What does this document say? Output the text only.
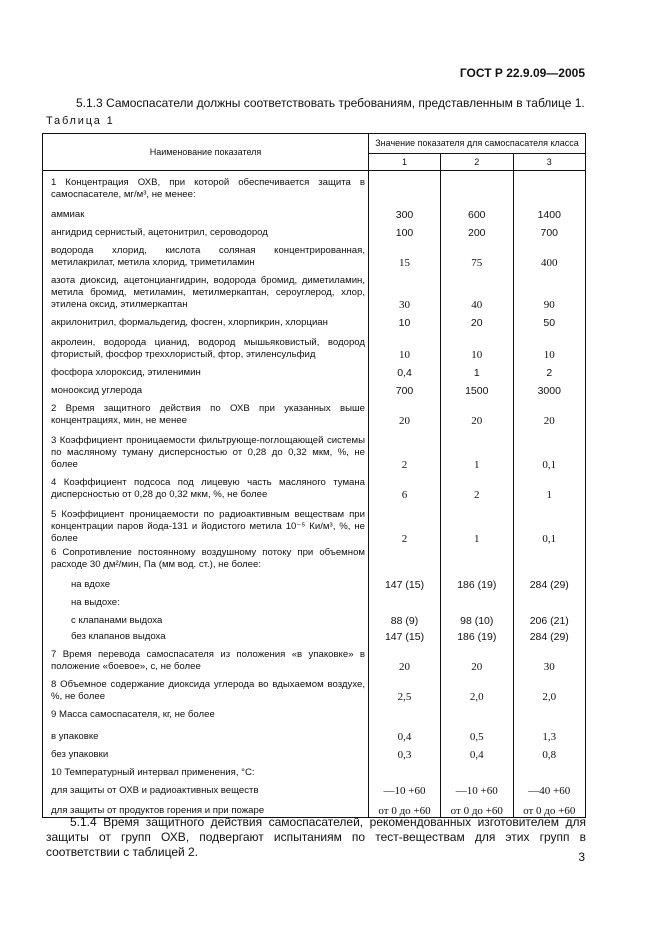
ГОСТ Р 22.9.09—2005
5.1.3 Самоспасатели должны соответствовать требованиям, представленным в таблице 1.
Таблица 1
Наименование показателя	Значение показателя для самоспасателя класса		
	1	2	3
1 Концентрация ОХВ, при которой обеспечивается защита в самоспасателе, мг/м³, не менее:			
аммиак	300	600	1400
ангидрид сернистый, ацетонитрил, сероводород	100	200	700
водорода хлорид, кислота соляная концентрированная, метилакрилат, метила хлорид, триметиламин	15	75	400
азота диоксид, ацетонциангидрин, водорода бромид, диметиламин, метила бромид, метиламин, метилмеркаптан, сероуглерод, хлор, этилена оксид, этилмеркаптан	30	40	90
акрилонитрил, формальдегид, фосген, хлорпикрин, хлорциан	10	20	50
акролеин, водорода цианид, водород мышьяковистый, водород фтористый, фосфор треххлористый, фтор, этиленсульфид	10	10	10
фосфора хлороксид, этиленимин	0,4	1	2
монооксид углерода	700	1500	3000
2 Время защитного действия по ОХВ при указанных выше концентрациях, мин, не менее	20	20	20
3 Коэффициент проницаемости фильтрующе-поглощающей системы по масляному туману дисперсностью от 0,28 до 0,32 мкм, %, не более	2	1	0,1
4 Коэффициент подсоса под лицевую часть масляного тумана дисперсностью от 0,28 до 0,32 мкм, %, не более	6	2	1
5 Коэффициент проницаемости по радиоактивным веществам при концентрации паров йода-131 и йодистого метила 10⁻⁵ Ки/м³, %, не более	2	1	0,1
6 Сопротивление постоянному воздушному потоку при объемном расходе 30 дм²/мин, Па (мм вод. ст.), не более:			
на вдохе	147 (15)	186 (19)	284 (29)
на выдохе:			
с клапанами выдоха	88 (9)	98 (10)	206 (21)
без клапанов выдоха	147 (15)	186 (19)	284 (29)
7 Время перевода самоспасателя из положения «в упаковке» в положение «боевое», с, не более	20	20	30
8 Объемное содержание диоксида углерода во вдыхаемом воздухе, %, не более	2,5	2,0	2,0
9 Масса самоспасателя, кг, не более			
в упаковке	0,4	0,5	1,3
без упаковки	0,3	0,4	0,8
10 Температурный интервал применения, °С:			
для защиты от ОХВ и радиоактивных веществ	—10 +60	—10 +60	—40 +60
для защиты от продуктов горения и при пожаре	от 0 до +60	от 0 до +60	от 0 до +60
5.1.4 Время защитного действия самоспасателей, рекомендованных изготовителем для защиты от групп ОХВ, подвергают испытаниям по тест-веществам для этих групп в соответствии с таблицей 2.	3
